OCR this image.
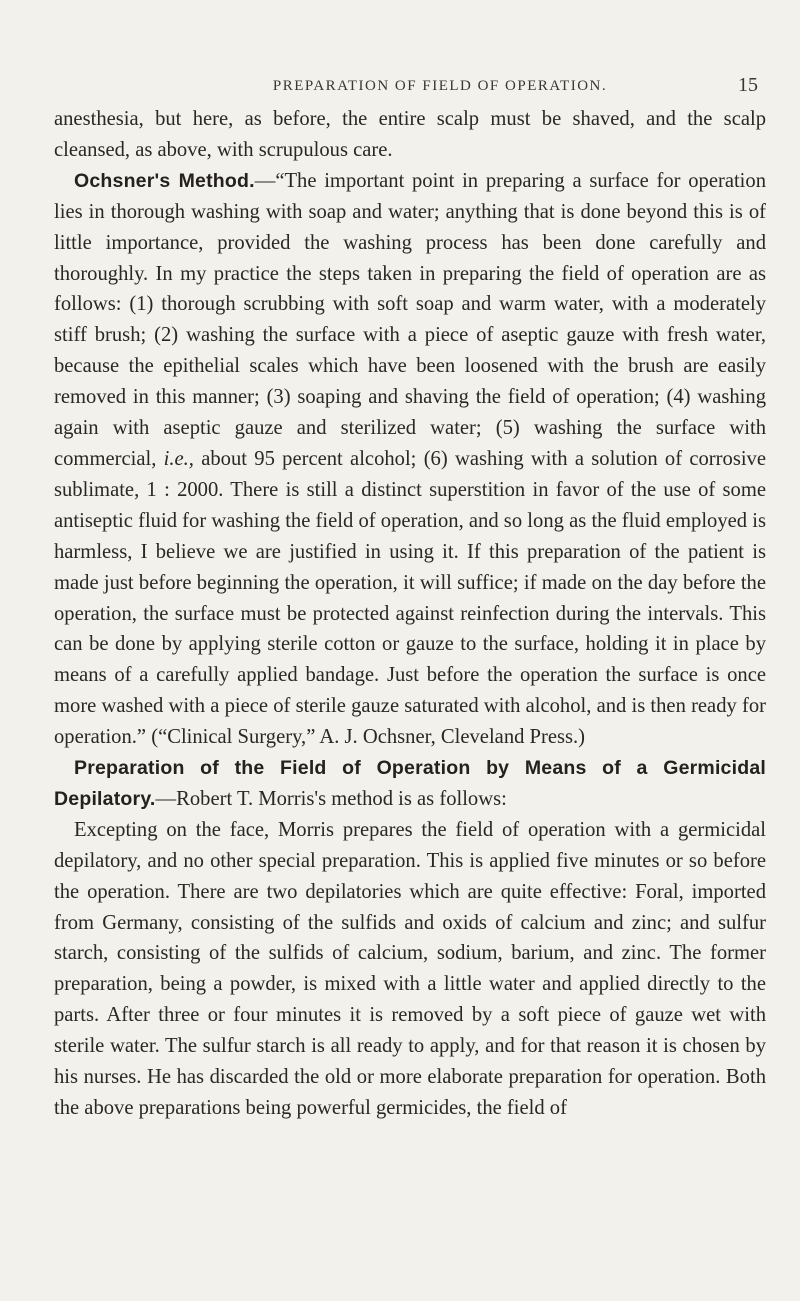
PREPARATION OF FIELD OF OPERATION.	15

anesthesia, but here, as before, the entire scalp must be shaved, and the scalp cleansed, as above, with scrupulous care.

Ochsner's Method.—“The important point in preparing a surface for operation lies in thorough washing with soap and water; anything that is done beyond this is of little importance, provided the washing process has been done carefully and thoroughly. In my practice the steps taken in preparing the field of operation are as follows: (1) thorough scrubbing with soft soap and warm water, with a moderately stiff brush; (2) washing the surface with a piece of aseptic gauze with fresh water, because the epithelial scales which have been loosened with the brush are easily removed in this manner; (3) soaping and shaving the field of operation; (4) washing again with aseptic gauze and sterilized water; (5) washing the surface with commercial, i.e., about 95 percent alcohol; (6) washing with a solution of corrosive sublimate, 1 : 2000. There is still a distinct superstition in favor of the use of some antiseptic fluid for washing the field of operation, and so long as the fluid employed is harmless, I believe we are justified in using it. If this preparation of the patient is made just before beginning the operation, it will suffice; if made on the day before the operation, the surface must be protected against reinfection during the intervals. This can be done by applying sterile cotton or gauze to the surface, holding it in place by means of a carefully applied bandage. Just before the operation the surface is once more washed with a piece of sterile gauze saturated with alcohol, and is then ready for operation.” (“Clinical Surgery,” A. J. Ochsner, Cleveland Press.)

Preparation of the Field of Operation by Means of a Germicidal Depilatory.—Robert T. Morris's method is as follows:

Excepting on the face, Morris prepares the field of operation with a germicidal depilatory, and no other special preparation. This is applied five minutes or so before the operation. There are two depilatories which are quite effective: Foral, imported from Germany, consisting of the sulfids and oxids of calcium and zinc; and sulfur starch, consisting of the sulfids of calcium, sodium, barium, and zinc. The former preparation, being a powder, is mixed with a little water and applied directly to the parts. After three or four minutes it is removed by a soft piece of gauze wet with sterile water. The sulfur starch is all ready to apply, and for that reason it is chosen by his nurses. He has discarded the old or more elaborate preparation for operation. Both the above preparations being powerful germicides, the field of
